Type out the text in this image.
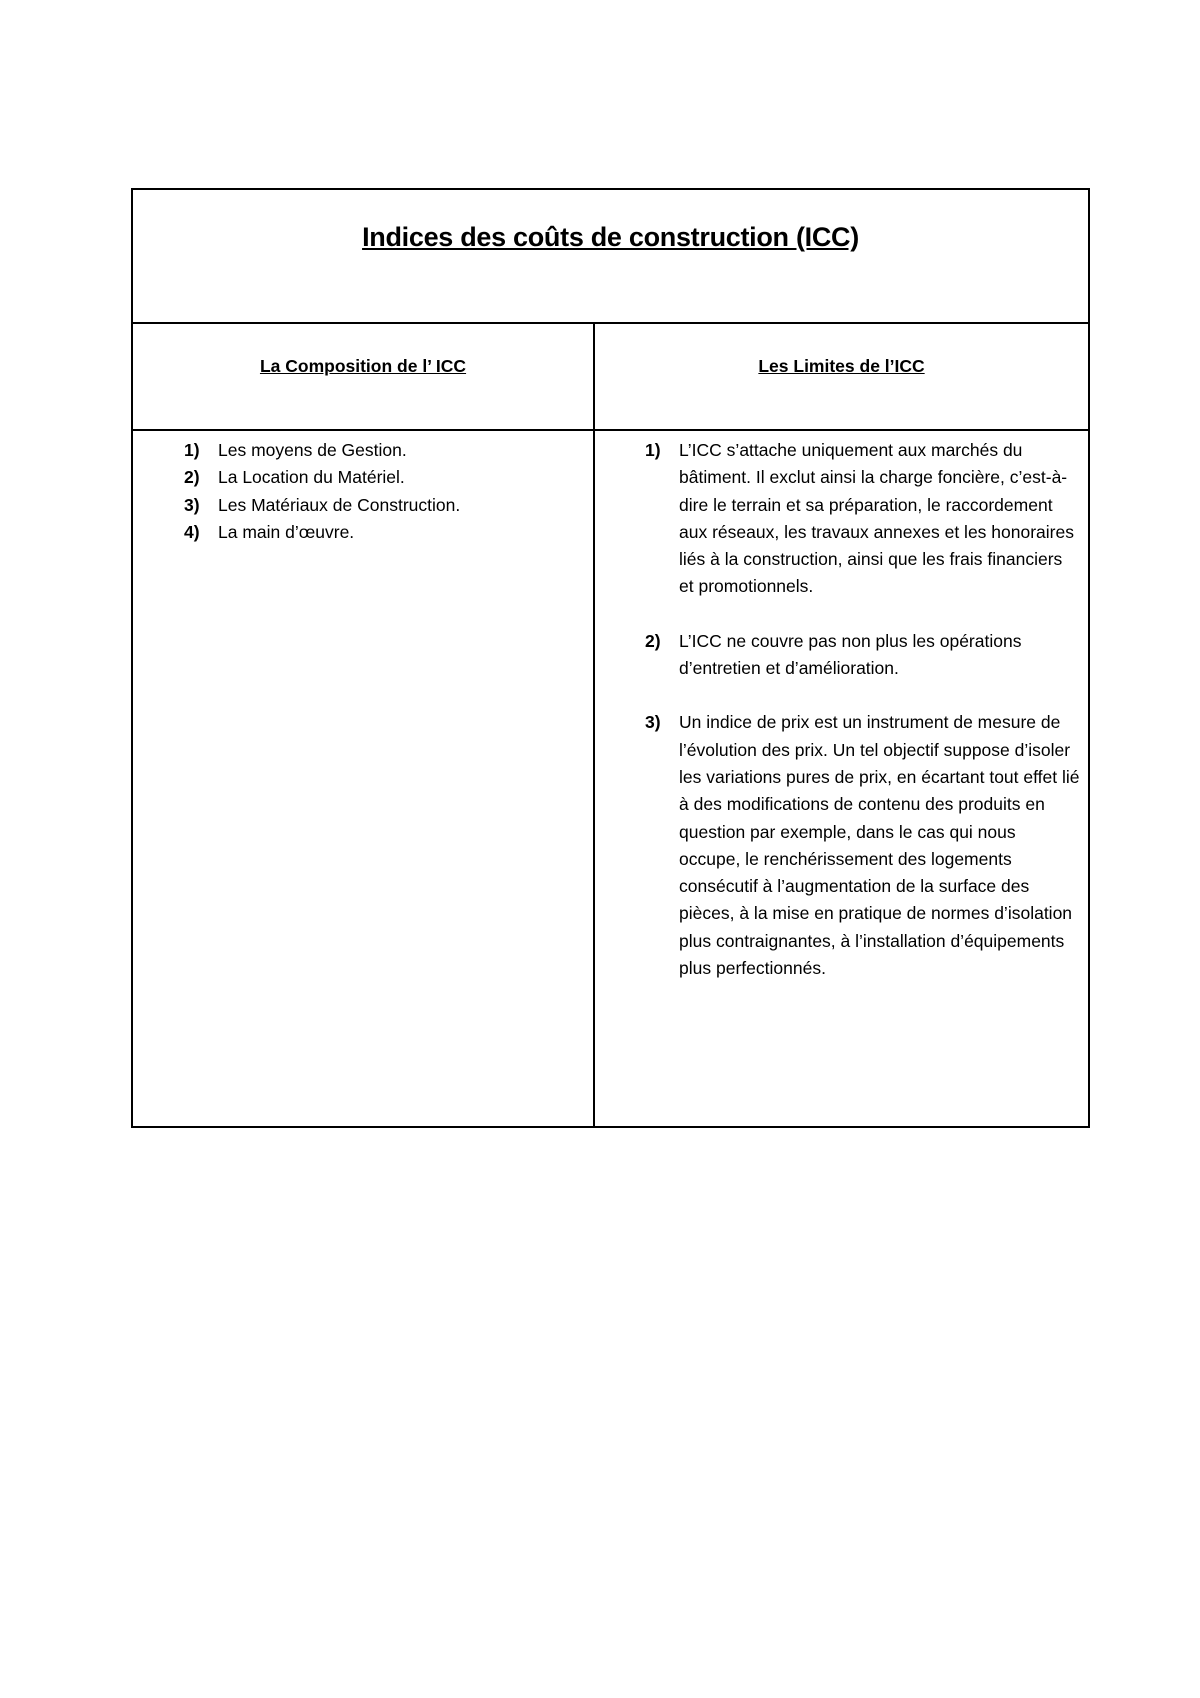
Indices des coûts de construction (ICC)
La Composition de l’ ICC
1)	Les moyens de Gestion.
2)	La Location du Matériel.
3)	Les Matériaux de Construction.
4)	La main d’œuvre.
Les Limites de l’ICC
1)	L’ICC s’attache uniquement aux marchés du bâtiment. Il exclut ainsi la charge foncière, c’est-à-dire le terrain et sa préparation, le raccordement aux réseaux, les travaux annexes et les honoraires liés à la construction, ainsi que les frais financiers et promotionnels.
2)	L’ICC ne couvre pas non plus les opérations d’entretien et d’amélioration.
3)	Un indice de prix est un instrument de mesure de l’évolution des prix. Un tel objectif suppose d’isoler les variations pures de prix, en écartant tout effet lié à des modifications de contenu des produits en question par exemple, dans le cas qui nous occupe, le renchérissement des logements consécutif à l’augmentation de la surface des pièces, à la mise en pratique de normes d’isolation plus contraignantes, à l’installation d’équipements plus perfectionnés.
